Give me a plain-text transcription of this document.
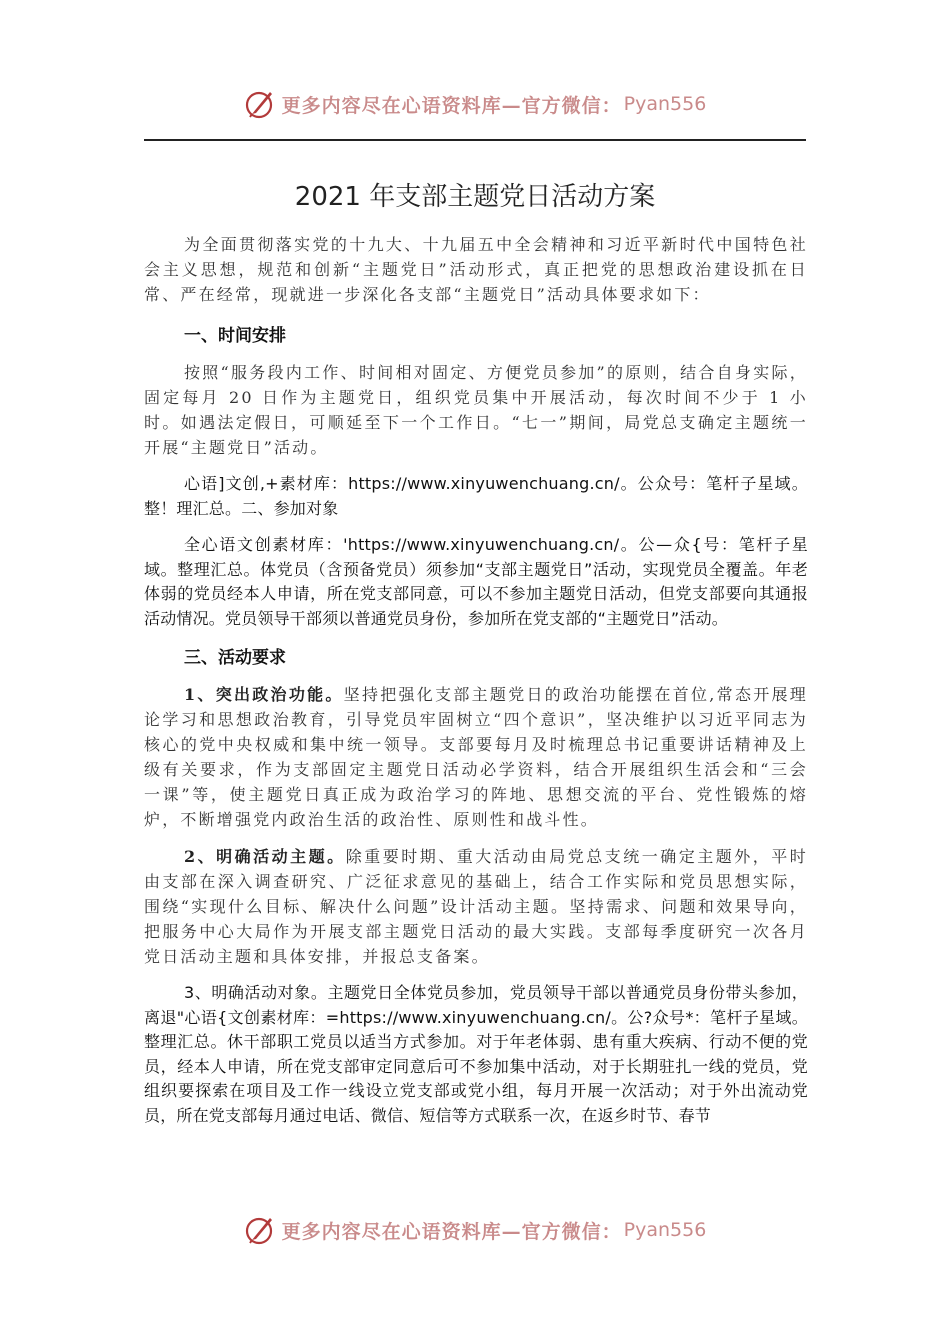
更多内容尽在心语资料库—官方微信： Pyan556
2021 年支部主题党日活动方案

为全面贯彻落实党的十九大、十九届五中全会精神和习近平新时代中国特色社会主义思想，规范和创新“主题党日”活动形式，真正把党的思想政治建设抓在日常、严在经常，现就进一步深化各支部“主题党日”活动具体要求如下：

一、时间安排

按照“服务段内工作、时间相对固定、方便党员参加”的原则，结合自身实际，固定每月 20 日作为主题党日，组织党员集中开展活动，每次时间不少于 1 小时。如遇法定假日，可顺延至下一个工作日。“七一”期间，局党总支确定主题统一开展“主题党日”活动。

心语]文创,+素材库：https://www.xinyuwenchuang.cn/。公众号：笔杆子星域。整！理汇总。二、参加对象

全心语文创素材库：'https://www.xinyuwenchuang.cn/。公—众{号：笔杆子星域。整理汇总。体党员（含预备党员）须参加“支部主题党日”活动，实现党员全覆盖。年老体弱的党员经本人申请，所在党支部同意，可以不参加主题党日活动，但党支部要向其通报活动情况。党员领导干部须以普通党员身份，参加所在党支部的“主题党日”活动。

三、活动要求

1、突出政治功能。坚持把强化支部主题党日的政治功能摆在首位,常态开展理论学习和思想政治教育，引导党员牢固树立“四个意识”，坚决维护以习近平同志为核心的党中央权威和集中统一领导。支部要每月及时梳理总书记重要讲话精神及上级有关要求，作为支部固定主题党日活动必学资料，结合开展组织生活会和“三会一课”等，使主题党日真正成为政治学习的阵地、思想交流的平台、党性锻炼的熔炉，不断增强党内政治生活的政治性、原则性和战斗性。

2、明确活动主题。除重要时期、重大活动由局党总支统一确定主题外，平时由支部在深入调查研究、广泛征求意见的基础上，结合工作实际和党员思想实际，围绕“实现什么目标、解决什么问题”设计活动主题。坚持需求、问题和效果导向，把服务中心大局作为开展支部主题党日活动的最大实践。支部每季度研究一次各月党日活动主题和具体安排，并报总支备案。

3、明确活动对象。主题党日全体党员参加，党员领导干部以普通党员身份带头参加，离退"心语{文创素材库：=https://www.xinyuwenchuang.cn/。公?众号*：笔杆子星域。整理汇总。休干部职工党员以适当方式参加。对于年老体弱、患有重大疾病、行动不便的党员，经本人申请，所在党支部审定同意后可不参加集中活动，对于长期驻扎一线的党员，党组织要探索在项目及工作一线设立党支部或党小组，每月开展一次活动；对于外出流动党员，所在党支部每月通过电话、微信、短信等方式联系一次，在返乡时节、春节

更多内容尽在心语资料库—官方微信： Pyan556
